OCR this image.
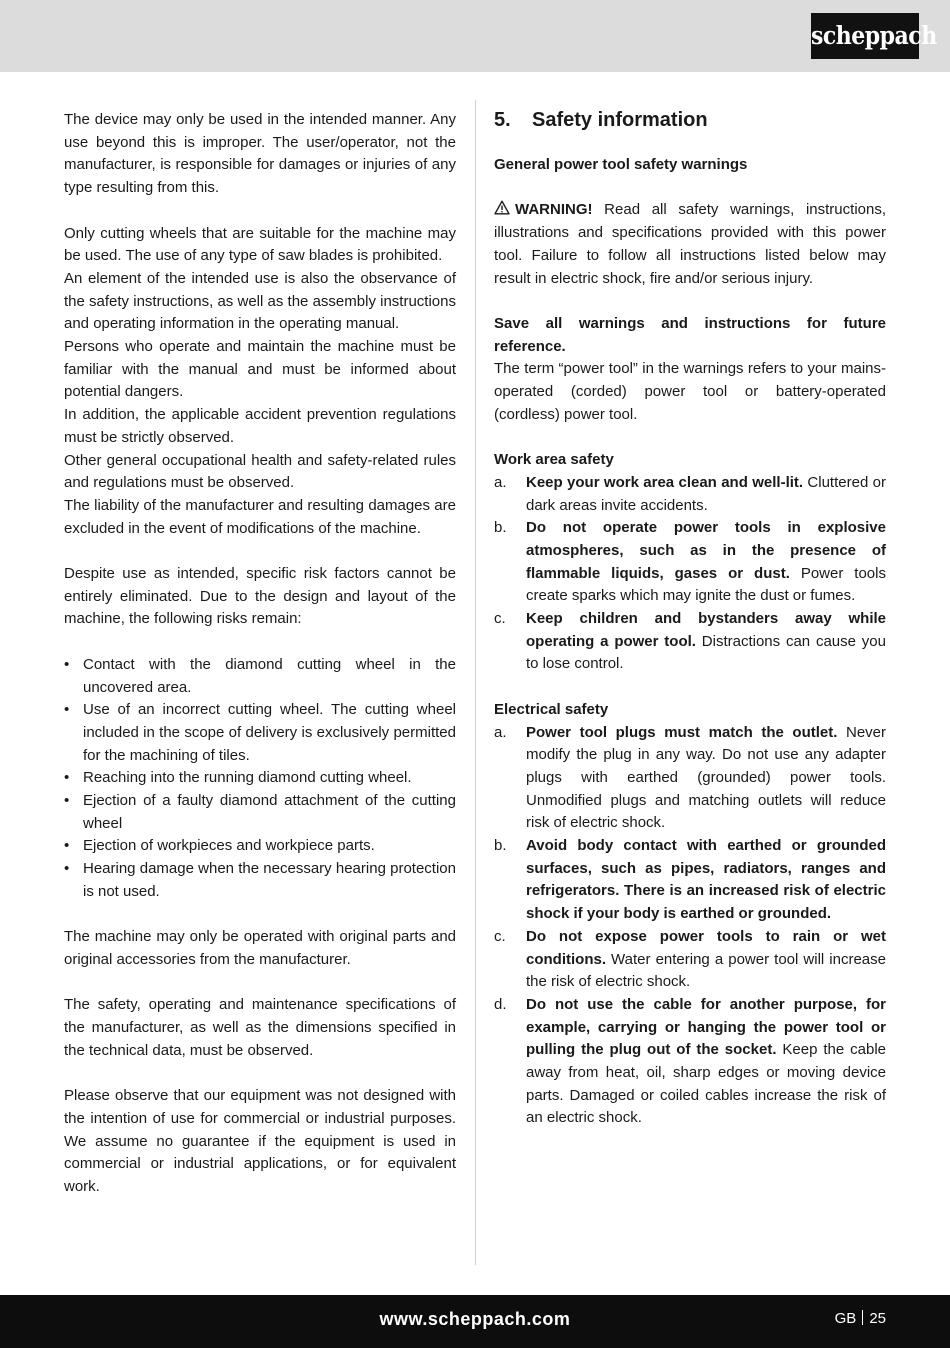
scheppach

The device may only be used in the intended manner. Any use beyond this is improper. The user/operator, not the manufacturer, is responsible for damages or injuries of any type resulting from this.

Only cutting wheels that are suitable for the machine may be used. The use of any type of saw blades is prohibited.

An element of the intended use is also the observance of the safety instructions, as well as the assembly instructions and operating information in the operating manual.

Persons who operate and maintain the machine must be familiar with the manual and must be informed about potential dangers.

In addition, the applicable accident prevention regulations must be strictly observed.

Other general occupational health and safety-related rules and regulations must be observed.

The liability of the manufacturer and resulting damages are excluded in the event of modifications of the machine.

Despite use as intended, specific risk factors cannot be entirely eliminated. Due to the design and layout of the machine, the following risks remain:

• Contact with the diamond cutting wheel in the uncovered area.
• Use of an incorrect cutting wheel. The cutting wheel included in the scope of delivery is exclusively permitted for the machining of tiles.
• Reaching into the running diamond cutting wheel.
• Ejection of a faulty diamond attachment of the cutting wheel
• Ejection of workpieces and workpiece parts.
• Hearing damage when the necessary hearing protection is not used.

The machine may only be operated with original parts and original accessories from the manufacturer.

The safety, operating and maintenance specifications of the manufacturer, as well as the dimensions specified in the technical data, must be observed.

Please observe that our equipment was not designed with the intention of use for commercial or industrial purposes. We assume no guarantee if the equipment is used in commercial or industrial applications, or for equivalent work.

5. Safety information

General power tool safety warnings

WARNING! Read all safety warnings, instructions, illustrations and specifications provided with this power tool. Failure to follow all instructions listed below may result in electric shock, fire and/or serious injury.

Save all warnings and instructions for future reference.

The term “power tool” in the warnings refers to your mains-operated (corded) power tool or battery-operated (cordless) power tool.

Work area safety

a. Keep your work area clean and well-lit. Cluttered or dark areas invite accidents.
b. Do not operate power tools in explosive atmospheres, such as in the presence of flammable liquids, gases or dust. Power tools create sparks which may ignite the dust or fumes.
c. Keep children and bystanders away while operating a power tool. Distractions can cause you to lose control.

Electrical safety

a. Power tool plugs must match the outlet. Never modify the plug in any way. Do not use any adapter plugs with earthed (grounded) power tools. Unmodified plugs and matching outlets will reduce risk of electric shock.
b. Avoid body contact with earthed or grounded surfaces, such as pipes, radiators, ranges and refrigerators. There is an increased risk of electric shock if your body is earthed or grounded.
c. Do not expose power tools to rain or wet conditions. Water entering a power tool will increase the risk of electric shock.
d. Do not use the cable for another purpose, for example, carrying or hanging the power tool or pulling the plug out of the socket. Keep the cable away from heat, oil, sharp edges or moving device parts. Damaged or coiled cables increase the risk of an electric shock.
www.scheppach.com	GB 25
